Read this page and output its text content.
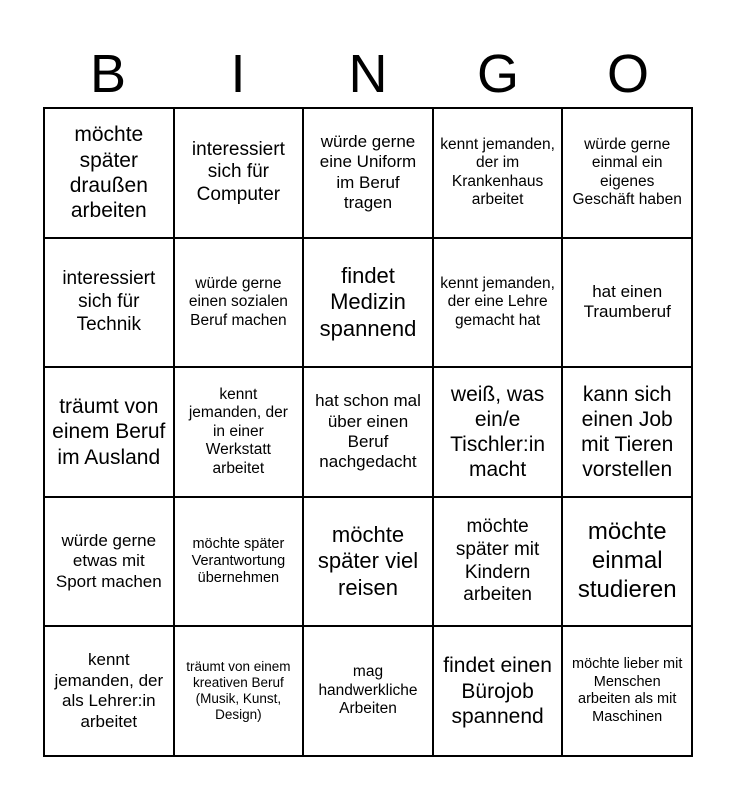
B	I	N	G	O
möchte später draußen arbeiten
interessiert sich für Computer
würde gerne eine Uniform im Beruf tragen
kennt jemanden, der im Krankenhaus arbeitet
würde gerne einmal ein eigenes Geschäft haben
interessiert sich für Technik
würde gerne einen sozialen Beruf machen
findet Medizin spannend
kennt jemanden, der eine Lehre gemacht hat
hat einen Traumberuf
träumt von einem Beruf im Ausland
kennt jemanden, der in einer Werkstatt arbeitet
hat schon mal über einen Beruf nachgedacht
weiß, was ein/e Tischler:in macht
kann sich einen Job mit Tieren vorstellen
würde gerne etwas mit Sport machen
möchte später Verantwortung übernehmen
möchte später viel reisen
möchte später mit Kindern arbeiten
möchte einmal studieren
kennt jemanden, der als Lehrer:in arbeitet
träumt von einem kreativen Beruf (Musik, Kunst, Design)
mag handwerkliche Arbeiten
findet einen Bürojob spannend
möchte lieber mit Menschen arbeiten als mit Maschinen
